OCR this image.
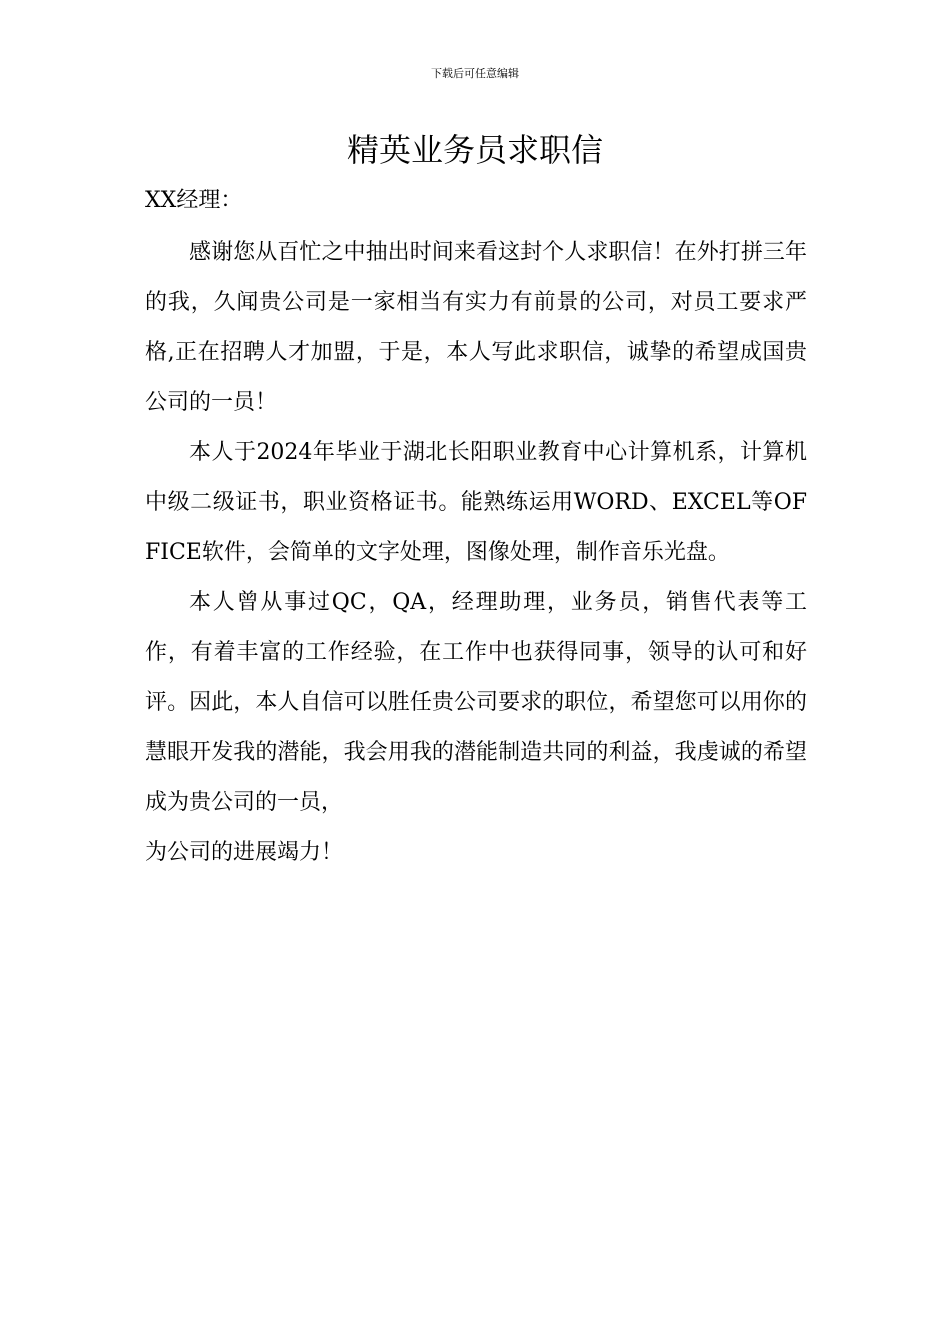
下载后可任意编辑
精英业务员求职信

XX经理：

感谢您从百忙之中抽出时间来看这封个人求职信！在外打拼三年的我，久闻贵公司是一家相当有实力有前景的公司，对员工要求严格,正在招聘人才加盟，于是，本人写此求职信，诚挚的希望成国贵公司的一员！

本人于2024年毕业于湖北长阳职业教育中心计算机系，计算机中级二级证书，职业资格证书。能熟练运用WORD、EXCEL等OFFICE软件，会简单的文字处理，图像处理，制作音乐光盘。

本人曾从事过QC，QA，经理助理，业务员，销售代表等工作，有着丰富的工作经验，在工作中也获得同事，领导的认可和好评。因此，本人自信可以胜任贵公司要求的职位，希望您可以用你的慧眼开发我的潜能，我会用我的潜能制造共同的利益，我虔诚的希望成为贵公司的一员，

为公司的进展竭力！
